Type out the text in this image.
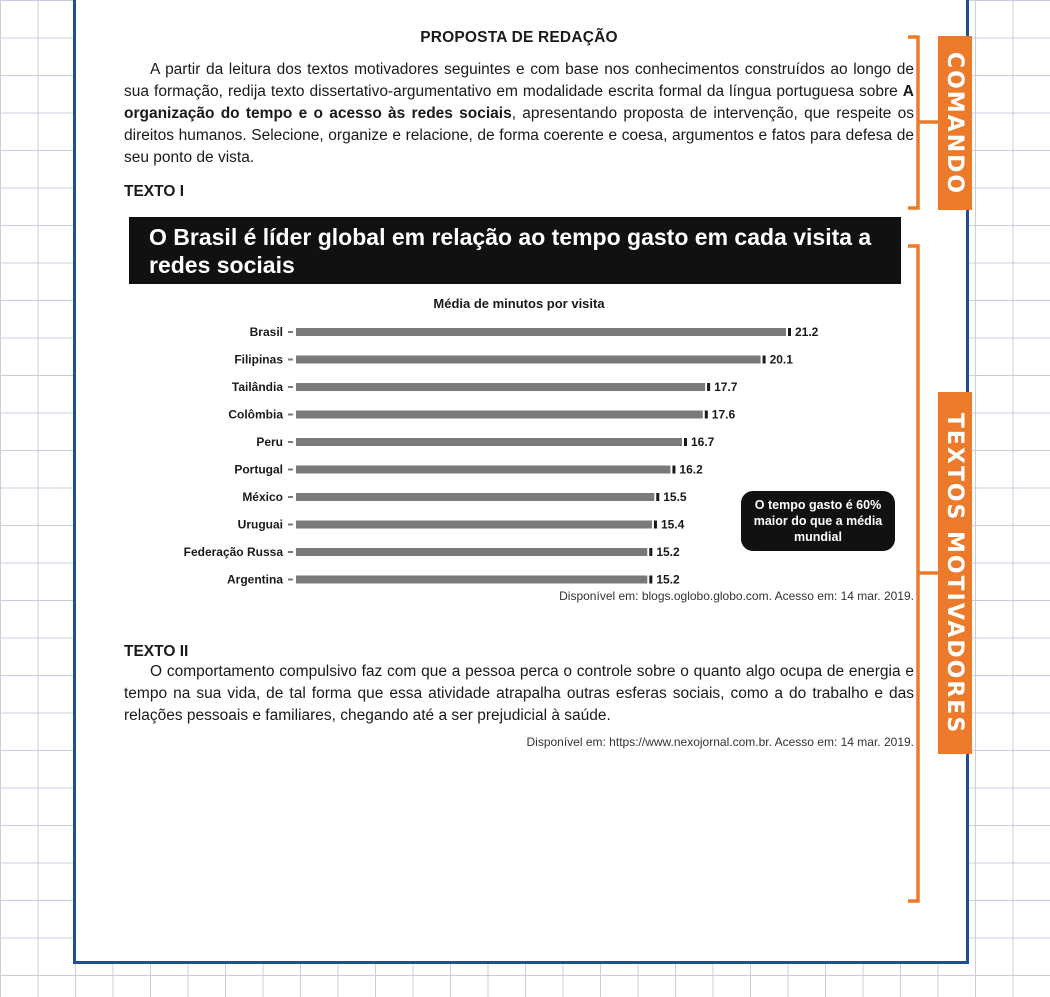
PROPOSTA DE REDAÇÃO

A partir da leitura dos textos motivadores seguintes e com base nos conhecimentos construídos ao longo de sua formação, redija texto dissertativo-argumentativo em modalidade escrita formal da língua portuguesa sobre A organização do tempo e o acesso às redes sociais, apresentando proposta de intervenção, que respeite os direitos humanos. Selecione, organize e relacione, de forma coerente e coesa, argumentos e fatos para defesa de seu ponto de vista.

TEXTO I

O Brasil é líder global em relação ao tempo gasto em cada visita a redes sociais

Média de minutos por visita

Brasil	21.2
Filipinas	20.1
Tailândia	17.7
Colômbia	17.6
Peru	16.7
Portugal	16.2
México	15.5
Uruguai	15.4
Federação Russa	15.2
Argentina	15.2
O tempo gasto é 60% maior do que a média mundial
Disponível em: blogs.oglobo.globo.com. Acesso em: 14 mar. 2019.

TEXTO II

O comportamento compulsivo faz com que a pessoa perca o controle sobre o quanto algo ocupa de energia e tempo na sua vida, de tal forma que essa atividade atrapalha outras esferas sociais, como a do trabalho e das relações pessoais e familiares, chegando até a ser prejudicial à saúde.

Disponível em: https://www.nexojornal.com.br. Acesso em: 14 mar. 2019.

COMANDO
TEXTOS MOTIVADORES
